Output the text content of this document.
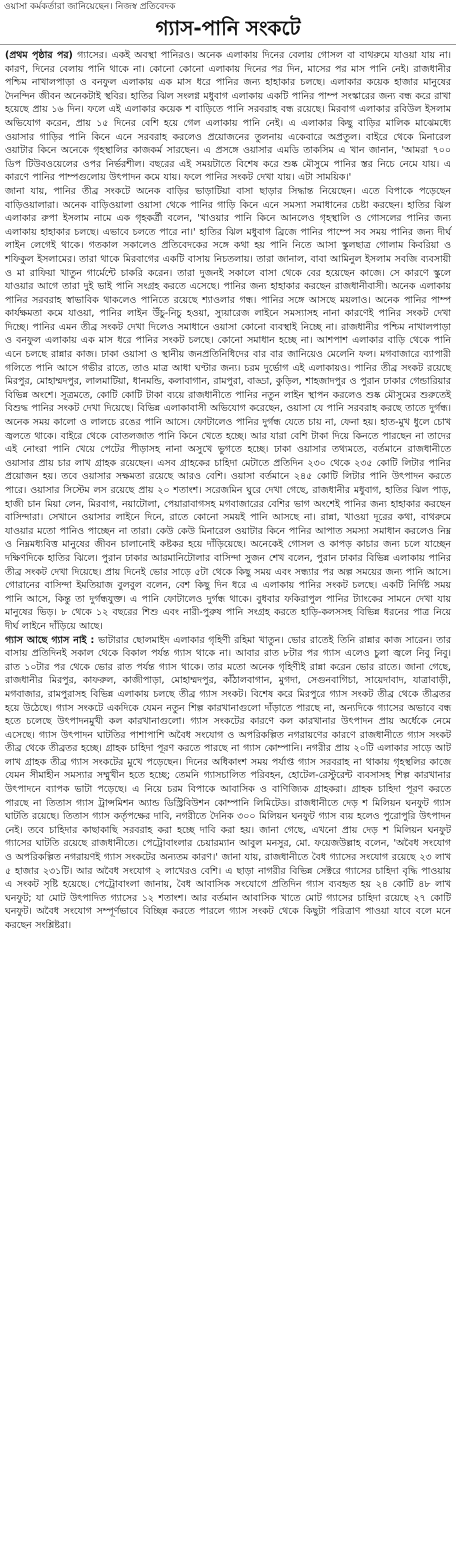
ওয়াসা কর্মকর্তারা জানিয়েছেন। নিজস্ব প্রতিবেদক
গ্যাস-পানি সংকটে

(প্রথম পৃষ্ঠার পর) গ্যাসের। একই অবস্থা পানিরও। অনেক এলাকায় দিনের বেলায় গোসল বা বাথরুমে যাওয়া যায় না। কারণ, দিনের বেলায় পানি থাকে না। কোনো কোনো এলাকায় দিনের পর দিন, মাসের পর মাস পানি নেই। রাজধানীর পশ্চিম নাখালপাড়া ও বনফুল এলাকায় এক মাস ধরে পানির জন্য হাহাকার চলছে। এলাকার কয়েক হাজার মানুষের দৈনন্দিন জীবন অনেকটাই স্থবির। হাতির ঝিল সংলগ্ন মধুবাগ এলাকায় একটি পানির পাম্প সংস্কারের জন্য বন্ধ করে রাখা হয়েছে প্রায় ১৬ দিন। ফলে এই এলাকার কয়েক শ বাড়িতে পানি সরবরাহ বন্ধ রয়েছে। মিরবাগ এলাকার রবিউল ইসলাম অভিযোগ করেন, প্রায় ১৫ দিনের বেশি হয়ে গেল এলাকায় পানি নেই। এ এলাকার কিছু বাড়ির মালিক মাঝেমধ্যে ওয়াসার গাড়ির পানি কিনে এনে সরবরাহ করলেও প্রয়োজনের তুলনায় একেবারে অপ্রতুল। বাইরে থেকে মিনারেল ওয়াটার কিনে অনেকে গৃহস্থালির কাজকর্ম সারছেন। এ প্রসঙ্গে ওয়াসার এমডি তাকসিম এ খান জানান, 'আমরা ৭০০ ডিপ টিউবওয়েলের ওপর নির্ভরশীল। বছরের এই সময়টাতে বিশেষ করে শুষ্ক মৌসুমে পানির স্তর নিচে নেমে যায়। এ কারণে পানির পাম্পগুলোয় উৎপাদন কমে যায়। ফলে পানির সংকট দেখা যায়। এটা সাময়িক।'

জানা যায়, পানির তীব্র সংকটে অনেক বাড়ির ভাড়াটিয়া বাসা ছাড়ার সিদ্ধান্ত নিয়েছেন। এতে বিপাকে পড়েছেন বাড়িওয়ালারা। অনেক বাড়িওয়ালা ওয়াসা থেকে পানির গাড়ি কিনে এনে সমস্যা সমাধানের চেষ্টা করছেন। হাতির ঝিল এলাকার রুপা ইসলাম নামে এক গৃহকর্ত্রী বলেন, 'খাওয়ার পানি কিনে আনলেও গৃহস্থালি ও গোসলের পানির জন্য এলাকায় হাহাকার চলছে। এভাবে চলতে পারে না।' হাতির ঝিল মধুবাগ ব্রিজে পানির পাম্পে সব সময় পানির জন্য দীর্ঘ লাইন লেগেই থাকে। গতকাল সকালেও প্রতিবেদকের সঙ্গে কথা হয় পানি নিতে আসা স্কুলছাত্র গোলাম কিবরিয়া ও শফিকুল ইসলামের। তারা থাকে মিরবাগের একটি বাসায় নিচতলায়। তারা জানাল, বাবা আমিনুল ইসলাম সবজি ব্যবসায়ী ও মা রাফিয়া খাতুন গার্মেন্টে চাকরি করেন। তারা দুজনই সকালে বাসা থেকে বের হয়েছেন কাজে। সে কারণে স্কুলে যাওয়ার আগে তারা দুই ভাই পানি সংগ্রহ করতে এসেছে। পানির জন্য হাহাকার করছেন রাজধানীবাসী। অনেক এলাকায় পানির সরবরাহ স্বাভাবিক থাকলেও পানিতে রয়েছে শ্যাওলার গন্ধ। পানির সঙ্গে আসছে ময়লাও। অনেক পানির পাম্প কার্যক্ষমতা কমে যাওয়া, পানির লাইন উঁচু-নিচু হওয়া, স্যুয়ারেজ লাইনে সমস্যাসহ নানা কারণেই পানির সংকট দেখা দিচ্ছে। পানির এমন তীব্র সংকট দেখা দিলেও সমাধানে ওয়াসা কোনো ব্যবস্থাই নিচ্ছে না। রাজধানীর পশ্চিম নাখালপাড়া ও বনফুল এলাকায় এক মাস ধরে পানির সংকট চলছে। কোনো সমাধান হচ্ছে না। আশপাশ এলাকার বাড়ি থেকে পানি এনে চলছে রান্নার কাজ। ঢাকা ওয়াসা ও স্থানীয় জনপ্রতিনিধিদের বার বার জানিয়েও মেলেনি ফল। মগবাজারে ব্যাপারী গলিতে পানি আসে গভীর রাতে, তাও মাত্র আধা ঘণ্টার জন্য। চরম দুর্ভোগ এই এলাকায়ও। পানির তীব্র সংকট রয়েছে মিরপুর, মোহাম্মদপুর, লালমাটিয়া, ধানমন্ডি, কলাবাগান, রামপুরা, বাড্ডা, কুড়িল, শাহজাদপুর ও পুরান ঢাকার গেন্ডারিয়ার বিভিন্ন অংশে। সূত্রমতে, কোটি কোটি টাকা ব্যয়ে রাজধানীতে পানির নতুন লাইন স্থাপন করলেও শুষ্ক মৌসুমের শুরুতেই বিশুদ্ধ পানির সংকট দেখা দিয়েছে। বিভিন্ন এলাকাবাসী অভিযোগ করেছেন, ওয়াসা যে পানি সরবরাহ করছে তাতে দুর্গন্ধ। অনেক সময় কালো ও লালচে রঙের পানি আসে। ফোটালেও পানির দুর্গন্ধ যেতে চায় না, ফেনা হয়। হাত-মুখ ধুলে চোখ জ্বলতে থাকে। বাইরে থেকে বোতলজাত পানি কিনে খেতে হচ্ছে। আর যারা বেশি টাকা দিয়ে কিনতে পারছেন না তাদের এই নোংরা পানি খেয়ে পেটের পীড়াসহ নানা অসুখে ভুগতে হচ্ছে। ঢাকা ওয়াসার তথ্যমতে, বর্তমানে রাজধানীতে ওয়াসার প্রায় চার লাখ গ্রাহক রয়েছেন। এসব গ্রাহকের চাহিদা মেটাতে প্রতিদিন ২৩০ থেকে ২৩৫ কোটি লিটার পানির প্রয়োজন হয়। তবে ওয়াসার সক্ষমতা রয়েছে আরও বেশি। ওয়াসা বর্তমানে ২৪৫ কোটি লিটার পানি উৎপাদন করতে পারে। ওয়াসার সিস্টেম লস রয়েছে প্রায় ২০ শতাংশ। সরেজমিন ঘুরে দেখা গেছে, রাজধানীর মধুবাগ, হাতির ঝিল পাড়, হাজী চান মিয়া লেন, মিরবাগ, নয়াটোলা, পেয়ারাবাগসহ মগবাজারের বেশির ভাগ অংশেই পানির জন্য হাহাকার করছেন বাসিন্দারা। সেখানে ওয়াসার লাইনে দিনে, রাতে কোনো সময়ই পানি আসছে না। রান্না, খাওয়া দূরের কথা, বাথরুমে যাওয়ার মতো পানিও পাচ্ছেন না তারা। কেউ কেউ মিনারেল ওয়াটার কিনে পানির আপাত সমস্যা সমাধান করলেও নিম্ন ও নিম্নমধ্যবিত্ত মানুষের জীবন চালানোই কষ্টকর হয়ে দাঁড়িয়েছে। অনেকেই গোসল ও কাপড় কাচার জন্য চলে যাচ্ছেন দক্ষিণদিকে হাতির ঝিলে। পুরান ঢাকার আরমানিটোলার বাসিন্দা সুজন শেখ বলেন, পুরান ঢাকার বিভিন্ন এলাকায় পানির তীব্র সংকট দেখা দিয়েছে। প্রায় দিনেই ভোর সাড়ে ৫টা থেকে কিছু সময় এবং সন্ধ্যার পর অল্প সময়ের জন্য পানি আসে। গোরানের বাসিন্দা ইমতিয়াজ বুলবুল বলেন, বেশ কিছু দিন ধরে এ এলাকায় পানির সংকট চলছে। একটি নির্দিষ্ট সময় পানি আসে, কিন্তু তা দুর্গন্ধযুক্ত। এ পানি ফোটালেও দুর্গন্ধ থাকে। বুধবার ফকিরাপুল পানির ট্যাংকের সামনে দেখা যায় মানুষের ভিড়। ৮ থেকে ১২ বছরের শিশু এবং নারী-পুরুষ পানি সংগ্রহ করতে হাড়ি-কলসসহ বিভিন্ন ধরনের পাত্র নিয়ে দীর্ঘ লাইনে দাঁড়িয়ে আছে।

গ্যাস আছে গ্যাস নাই : ভাটারার ছোলমাইদ এলাকার গৃহিণী রহিমা খাতুন। ভোর রাতেই তিনি রান্নার কাজ সারেন। তার বাসায় প্রতিদিনই সকাল থেকে বিকাল পর্যন্ত গ্যাস থাকে না। আবার রাত ৮টার পর গ্যাস এলেও চুলা জ্বলে নিবু নিবু। রাত ১০টার পর থেকে ভোর রাত পর্যন্ত গ্যাস থাকে। তার মতো অনেক গৃহিণীই রান্না করেন ভোর রাতে। জানা গেছে, রাজধানীর মিরপুর, কাফরুল, কাজীপাড়া, মোহাম্মদপুর, কাঁঠালবাগান, মুগদা, সেগুনবাগিচা, সায়েদাবাদ, যাত্রাবাড়ী, মগবাজার, রামপুরাসহ বিভিন্ন এলাকায় চলছে তীব্র গ্যাস সংকট। বিশেষ করে মিরপুরে গ্যাস সংকট তীব্র থেকে তীব্রতর হয়ে উঠেছে। গ্যাস সংকটে একদিকে যেমন নতুন শিল্প কারখানাগুলো দাঁড়াতে পারছে না, অন্যদিকে গ্যাসের অভাবে বন্ধ হতে চলেছে উৎপাদনমুখী কল কারখানাগুলো। গ্যাস সংকটের কারণে কল কারখানার উৎপাদন প্রায় অর্ধেকে নেমে এসেছে। গ্যাস উৎপাদন ঘাটতির পাশাপাশি অবৈধ সংযোগ ও অপরিকল্পিত নগরায়ণের কারণে রাজধানীতে গ্যাস সংকট তীব্র থেকে তীব্রতর হচ্ছে। গ্রাহক চাহিদা পূরণ করতে পারছে না গ্যাস কোম্পানি। নগরীর প্রায় ২০টি এলাকার সাড়ে আট লাখ গ্রাহক তীব্র গ্যাস সংকটের মুখে পড়েছেন। দিনের অধিকাংশ সময় পর্যাপ্ত গ্যাস সরবরাহ না থাকায় গৃহস্থলির কাজে যেমন সীমাহীন সমস্যার সম্মুখীন হতে হচ্ছে; তেমনি গ্যাসচালিত পরিবহন, হোটেল-রেস্টুরেন্ট ব্যবসাসহ শিল্প কারখানার উৎপাদনে ব্যাপক ভাটা পড়েছে। এ নিয়ে চরম বিপাকে আবাসিক ও বাণিজ্যিক গ্রাহকরা। গ্রাহক চাহিদা পূরণ করতে পারছে না তিতাস গ্যাস ট্রান্সমিশন অ্যান্ড ডিস্ট্রিবিউশন কোম্পানি লিমিটেড। রাজধানীতে দেড় শ মিলিয়ন ঘনফুট গ্যাস ঘাটতি রয়েছে। তিতাস গ্যাস কর্তৃপক্ষের দাবি, নগরীতে দৈনিক ৩০০ মিলিয়ন ঘনফুট গ্যাস ব্যয় হলেও পুরোপুরি উৎপাদন নেই। তবে চাহিদার কাছাকাছি সরবরাহ করা হচ্ছে দাবি করা হয়। জানা গেছে, এখনো প্রায় দেড় শ মিলিয়ন ঘনফুট গ্যাসের ঘাটতি রয়েছে রাজধানীতে। পেট্রোবাংলার চেয়ারম্যান আবুল মনসুর, মো. ফয়েজউল্লাহ বলেন, 'অবৈধ সংযোগ ও অপরিকল্পিত নগরায়ণই গ্যাস সংকটের অন্যতম কারণ।' জানা যায়, রাজধানীতে বৈধ গ্যাসের সংযোগ রয়েছে ২৩ লাখ ৫ হাজার ২৩১টি। আর অবৈধ সংযোগ ২ লাখেরও বেশি। এ ছাড়া নাগরীর বিভিন্ন সেক্টরে গ্যাসের চাহিদা বৃদ্ধি পাওয়ায় এ সংকট সৃষ্টি হয়েছে। পেট্রোবাংলা জানায়, বৈধ আবাসিক সংযোগে প্রতিদিন গ্যাস ব্যবহৃত হয় ২৪ কোটি ৪৮ লাখ ঘনফুট; যা মোট উৎপাদিত গ্যাসের ১২ শতাংশ। আর বর্তমান আবাসিক খাতে মোট গ্যাসের চাহিদা রয়েছে ২৭ কোটি ঘনফুট। অবৈধ সংযোগ সম্পূর্ণভাবে বিচ্ছিন্ন করতে পারলে গ্যাস সংকট থেকে কিছুটা পরিত্রাণ পাওয়া যাবে বলে মনে করছেন সংশ্লিষ্টরা।
